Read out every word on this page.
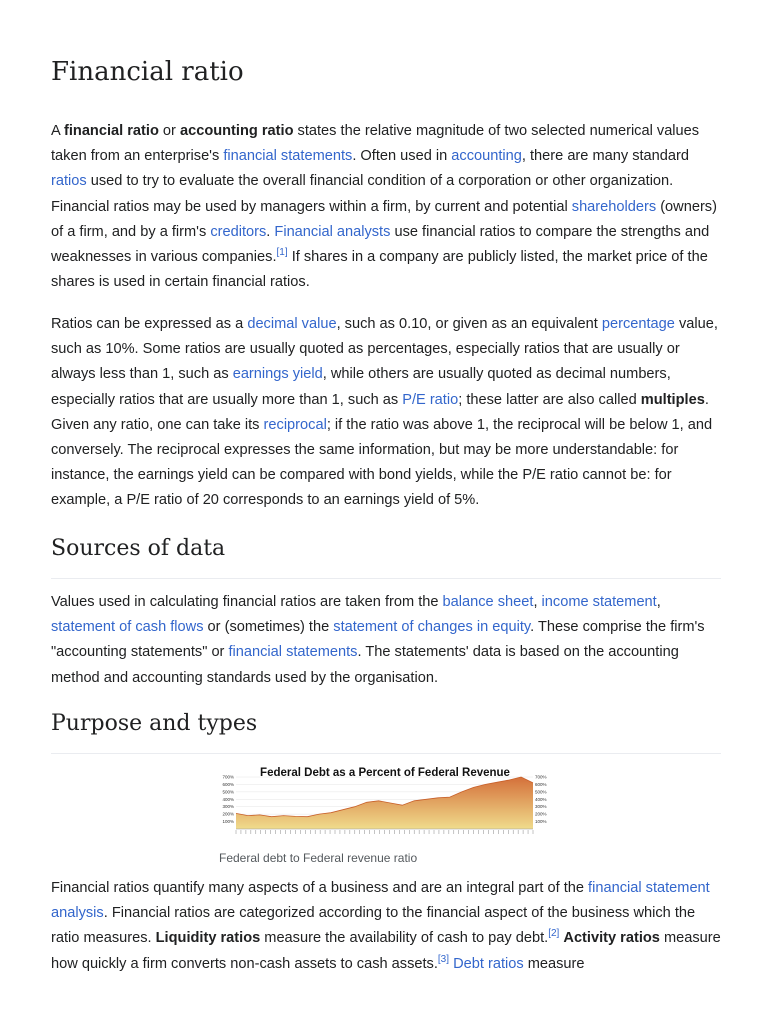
Financial ratio

A financial ratio or accounting ratio states the relative magnitude of two selected numerical values taken from an enterprise's financial statements. Often used in accounting, there are many standard ratios used to try to evaluate the overall financial condition of a corporation or other organization. Financial ratios may be used by managers within a firm, by current and potential shareholders (owners) of a firm, and by a firm's creditors. Financial analysts use financial ratios to compare the strengths and weaknesses in various companies.[1] If shares in a company are publicly listed, the market price of the shares is used in certain financial ratios.

Ratios can be expressed as a decimal value, such as 0.10, or given as an equivalent percentage value, such as 10%. Some ratios are usually quoted as percentages, especially ratios that are usually or always less than 1, such as earnings yield, while others are usually quoted as decimal numbers, especially ratios that are usually more than 1, such as P/E ratio; these latter are also called multiples. Given any ratio, one can take its reciprocal; if the ratio was above 1, the reciprocal will be below 1, and conversely. The reciprocal expresses the same information, but may be more understandable: for instance, the earnings yield can be compared with bond yields, while the P/E ratio cannot be: for example, a P/E ratio of 20 corresponds to an earnings yield of 5%.

Sources of data

Values used in calculating financial ratios are taken from the balance sheet, income statement, statement of cash flows or (sometimes) the statement of changes in equity. These comprise the firm's "accounting statements" or financial statements. The statements' data is based on the accounting method and accounting standards used by the organisation.

Purpose and types
Federal Debt as a Percent of Federal Revenue
100%
200%
300%
400%
500%
600%
700%
100%
200%
300%
400%
500%
600%
700%
Federal debt to Federal revenue ratio

Financial ratios quantify many aspects of a business and are an integral part of the financial statement analysis. Financial ratios are categorized according to the financial aspect of the business which the ratio measures. Liquidity ratios measure the availability of cash to pay debt.[2] Activity ratios measure how quickly a firm converts non-cash assets to cash assets.[3] Debt ratios measure
